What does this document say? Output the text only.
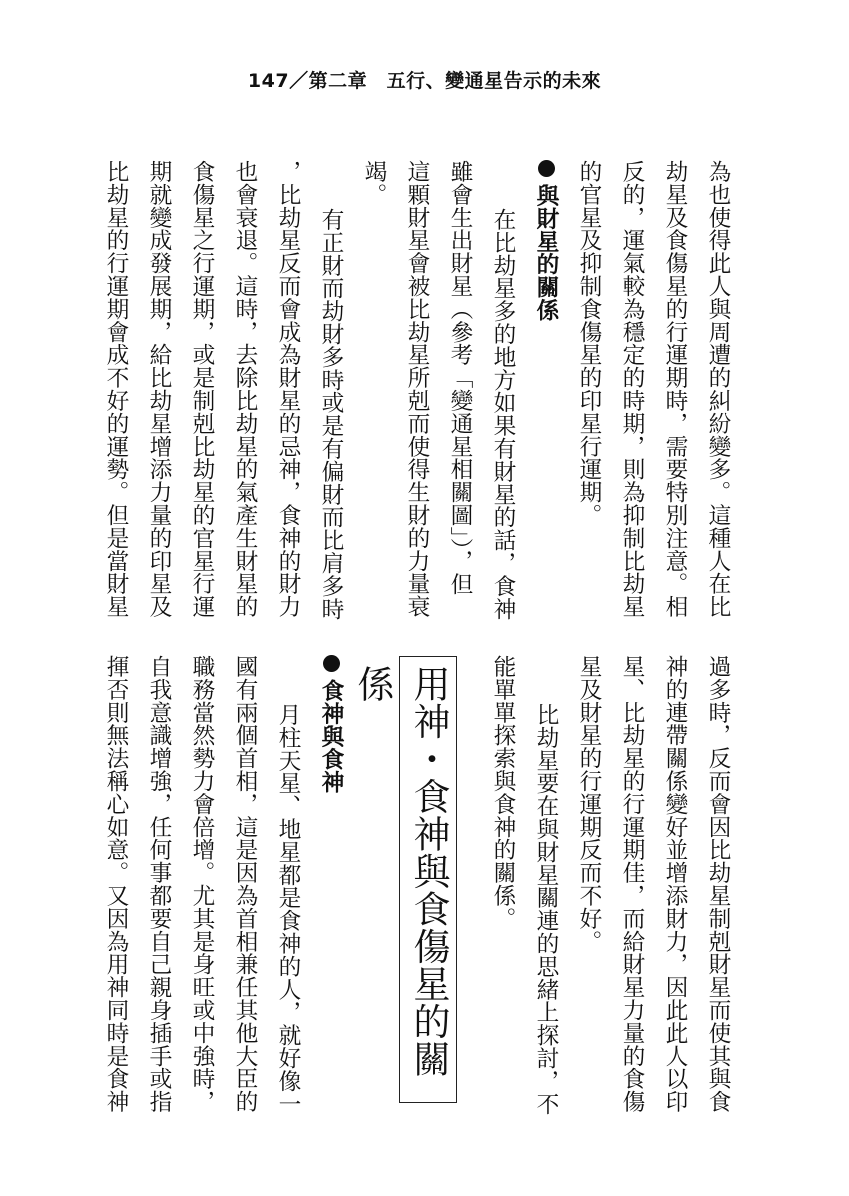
147／第二章　五行、變通星告示的未來
為也使得此人與周遭的糾紛變多。這種人在比
劫星及食傷星的行運期時，需要特別注意。相
反的，運氣較為穩定的時期，則為抑制比劫星
的官星及抑制食傷星的印星行運期。
與財星的關係
在比劫星多的地方如果有財星的話，食神
雖會生出財星（參考「變通星相關圖」），但
這顆財星會被比劫星所剋而使得生財的力量衰
竭。
有正財而劫財多時或是有偏財而比肩多時
，比劫星反而會成為財星的忌神，食神的財力
也會衰退。這時，去除比劫星的氣產生財星的
食傷星之行運期，或是制剋比劫星的官星行運
期就變成發展期，給比劫星增添力量的印星及
比劫星的行運期會成不好的運勢。但是當財星
過多時，反而會因比劫星制剋財星而使其與食
神的連帶關係變好並增添財力，因此此人以印
星、比劫星的行運期佳，而給財星力量的食傷
星及財星的行運期反而不好。
比劫星要在與財星關連的思緒上探討，不
能單單探索與食神的關係。
食神與食神
月柱天星、地星都是食神的人，就好像一
國有兩個首相，這是因為首相兼任其他大臣的
職務當然勢力會倍增。尤其是身旺或中強時，
自我意識增強，任何事都要自己親身插手或指
揮否則無法稱心如意。又因為用神同時是食神	用神・食神與食傷星的關係
